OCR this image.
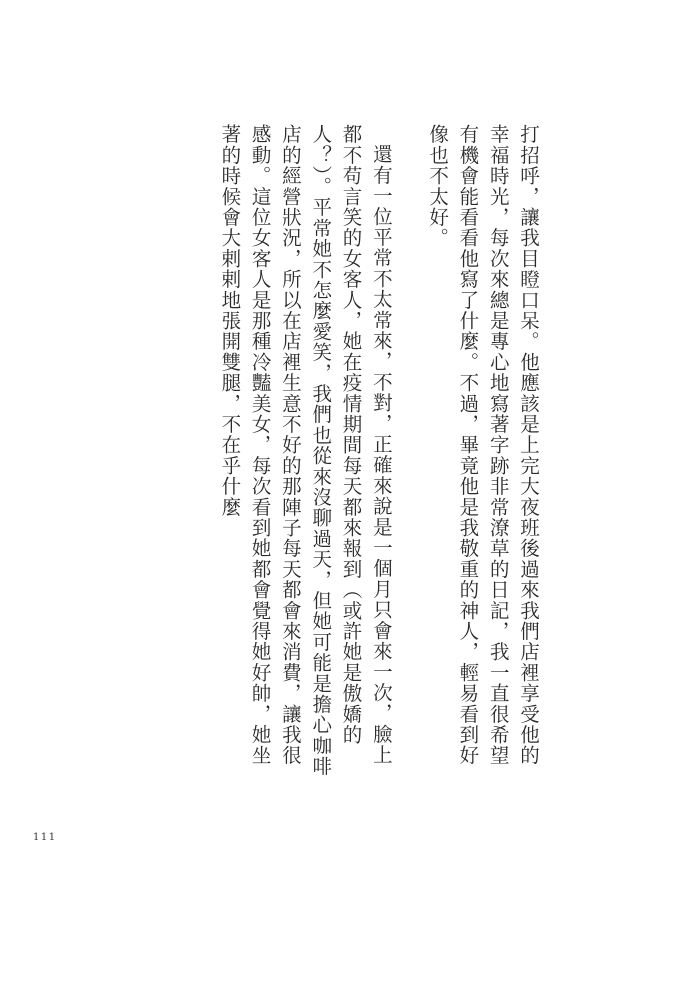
打招呼，讓我目瞪口呆。他應該是上完大夜班後過來我們店裡享受他的幸福時光，每次來總是專心地寫著字跡非常潦草的日記，我一直很希望有機會能看看他寫了什麼。不過，畢竟他是我敬重的神人，輕易看到好像也不太好。

還有一位平常不太常來，不對，正確來說是一個月只會來一次，臉上都不苟言笑的女客人，她在疫情期間每天都來報到（或許她是傲嬌的人？）。平常她不怎麼愛笑，我們也從來沒聊過天，但她可能是擔心咖啡店的經營狀況，所以在店裡生意不好的那陣子每天都會來消費，讓我很感動。這位女客人是那種冷豔美女，每次看到她都會覺得她好帥，她坐著的時候會大剌剌地張開雙腿，不在乎什麼

111
